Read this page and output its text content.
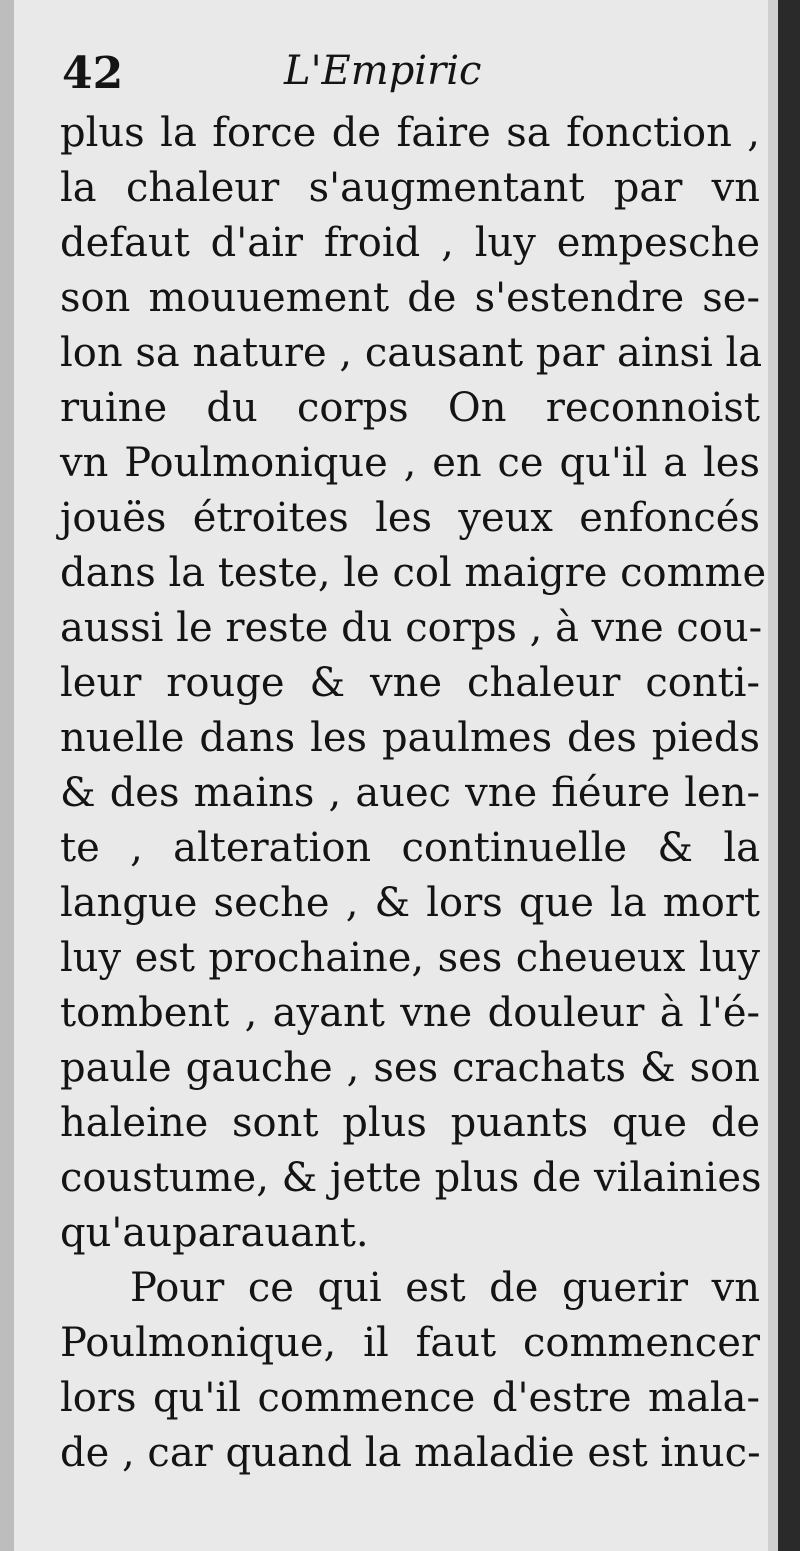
42	L'Empiric
plus la force de faire sa fonction ,
la chaleur s'augmentant par vn
defaut d'air froid , luy empesche
son mouuement de s'estendre se-
lon sa nature , causant par ainsi la
ruine du corps On reconnoist
vn Poulmonique , en ce qu'il a les
jouës étroites les yeux enfoncés
dans la teste, le col maigre comme
aussi le reste du corps , à vne cou-
leur rouge & vne chaleur conti-
nuelle dans les paulmes des pieds
& des mains , auec vne fiéure len-
te , alteration continuelle & la
langue seche , & lors que la mort
luy est prochaine, ses cheueux luy
tombent , ayant vne douleur à l'é-
paule gauche , ses crachats & son
haleine sont plus puants que de
coustume, & jette plus de vilainies
qu'auparauant.
Pour ce qui est de guerir vn
Poulmonique, il faut commencer
lors qu'il commence d'estre mala-
de , car quand la maladie est inuc-
